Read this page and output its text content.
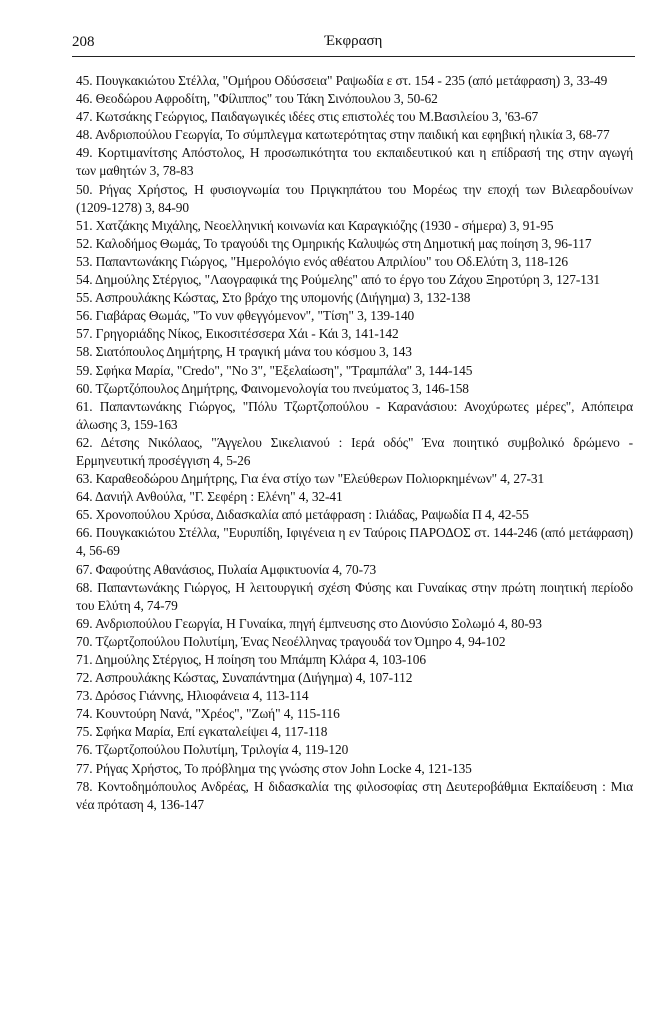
208	Έκφραση
45. Πουγκακιώτου Στέλλα, "Ομήρου Οδύσσεια" Ραψωδία ε στ. 154 - 235 (από μετάφραση) 3, 33-49
46. Θεοδώρου Αφροδίτη, "Φίλιππος" του Τάκη Σινόπουλου 3, 50-62
47. Κωτσάκης Γεώργιος, Παιδαγωγικές ιδέες στις επιστολές του Μ.Βασιλείου 3, '63-67
48. Ανδριοπούλου Γεωργία, Το σύμπλεγμα κατωτερότητας στην παιδική και εφηβική ηλικία 3, 68-77
49. Κορτιμανίτσης Απόστολος, Η προσωπικότητα του εκπαιδευτικού και η επίδρασή της στην αγωγή των μαθητών 3, 78-83
50. Ρήγας Χρήστος, Η φυσιογνωμία του Πριγκηπάτου του Μορέως την εποχή των Βιλεαρδουίνων (1209-1278) 3, 84-90
51. Χατζάκης Μιχάλης, Νεοελληνική κοινωνία και Καραγκιόζης (1930 - σήμερα) 3, 91-95
52. Καλοδήμος Θωμάς, Το τραγούδι της Ομηρικής Καλυψώς στη Δημοτική μας ποίηση 3, 96-117
53. Παπαντωνάκης Γιώργος, "Ημερολόγιο ενός αθέατου Απριλίου" του Οδ.Ελύτη 3, 118-126
54. Δημούλης Στέργιος, "Λαογραφικά της Ρούμελης" από το έργο του Ζάχου Ξηροτύρη 3, 127-131
55. Ασπρουλάκης Κώστας, Στο βράχο της υπομονής (Διήγημα) 3, 132-138
56. Γιαβάρας Θωμάς, "Το νυν φθεγγόμενον", "Τίση" 3, 139-140
57. Γρηγοριάδης Νίκος, Εικοσιτέσσερα Χάι - Κάι 3, 141-142
58. Σιατόπουλος Δημήτρης, Η τραγική μάνα του κόσμου 3, 143
59. Σφήκα Μαρία, "Credo", "Νο 3", "Εξελαίωση", "Τραμπάλα" 3, 144-145
60. Τζωρτζόπουλος Δημήτρης, Φαινομενολογία του πνεύματος 3, 146-158
61. Παπαντωνάκης Γιώργος, "Πόλυ Τζωρτζοπούλου - Καρανάσιου: Ανοχύρωτες μέρες", Απόπειρα άλωσης 3, 159-163
62. Δέτσης Νικόλαος, "Άγγελου Σικελιανού : Ιερά οδός" Ένα ποιητικό συμβολικό δρώμενο - Ερμηνευτική προσέγγιση 4, 5-26
63. Καραθεοδώρου Δημήτρης, Για ένα στίχο των "Ελεύθερων Πολιορκημένων" 4, 27-31
64. Δανιήλ Ανθούλα, "Γ. Σεφέρη : Ελένη" 4, 32-41
65. Χρονοπούλου Χρύσα, Διδασκαλία από μετάφραση : Ιλιάδας, Ραψωδία Π 4, 42-55
66. Πουγκακιώτου Στέλλα, "Ευρυπίδη, Ιφιγένεια η εν Ταύροις ΠΑΡΟΔΟΣ στ. 144-246 (από μετάφραση) 4, 56-69
67. Φαφούτης Αθανάσιος, Πυλαία Αμφικτυονία 4, 70-73
68. Παπαντωνάκης Γιώργος, Η λειτουργική σχέση Φύσης και Γυναίκας στην πρώτη ποιητική περίοδο του Ελύτη 4, 74-79
69. Ανδριοπούλου Γεωργία, Η Γυναίκα, πηγή έμπνευσης στο Διονύσιο Σολωμό 4, 80-93
70. Τζωρτζοπούλου Πολυτίμη, Ένας Νεοέλληνας τραγουδά τον Όμηρο 4, 94-102
71. Δημούλης Στέργιος, Η ποίηση του Μπάμπη Κλάρα 4, 103-106
72. Ασπρουλάκης Κώστας, Συναπάντημα (Διήγημα) 4, 107-112
73. Δρόσος Γιάννης, Ηλιοφάνεια 4, 113-114
74. Κουντούρη Νανά, "Χρέος", "Ζωή" 4, 115-116
75. Σφήκα Μαρία, Επί εγκαταλείψει 4, 117-118
76. Τζωρτζοπούλου Πολυτίμη, Τριλογία 4, 119-120
77. Ρήγας Χρήστος, Το πρόβλημα της γνώσης στον John Locke 4, 121-135
78. Κοντοδημόπουλος Ανδρέας, Η διδασκαλία της φιλοσοφίας στη Δευτεροβάθμια Εκπαίδευση : Μια νέα πρόταση 4, 136-147
